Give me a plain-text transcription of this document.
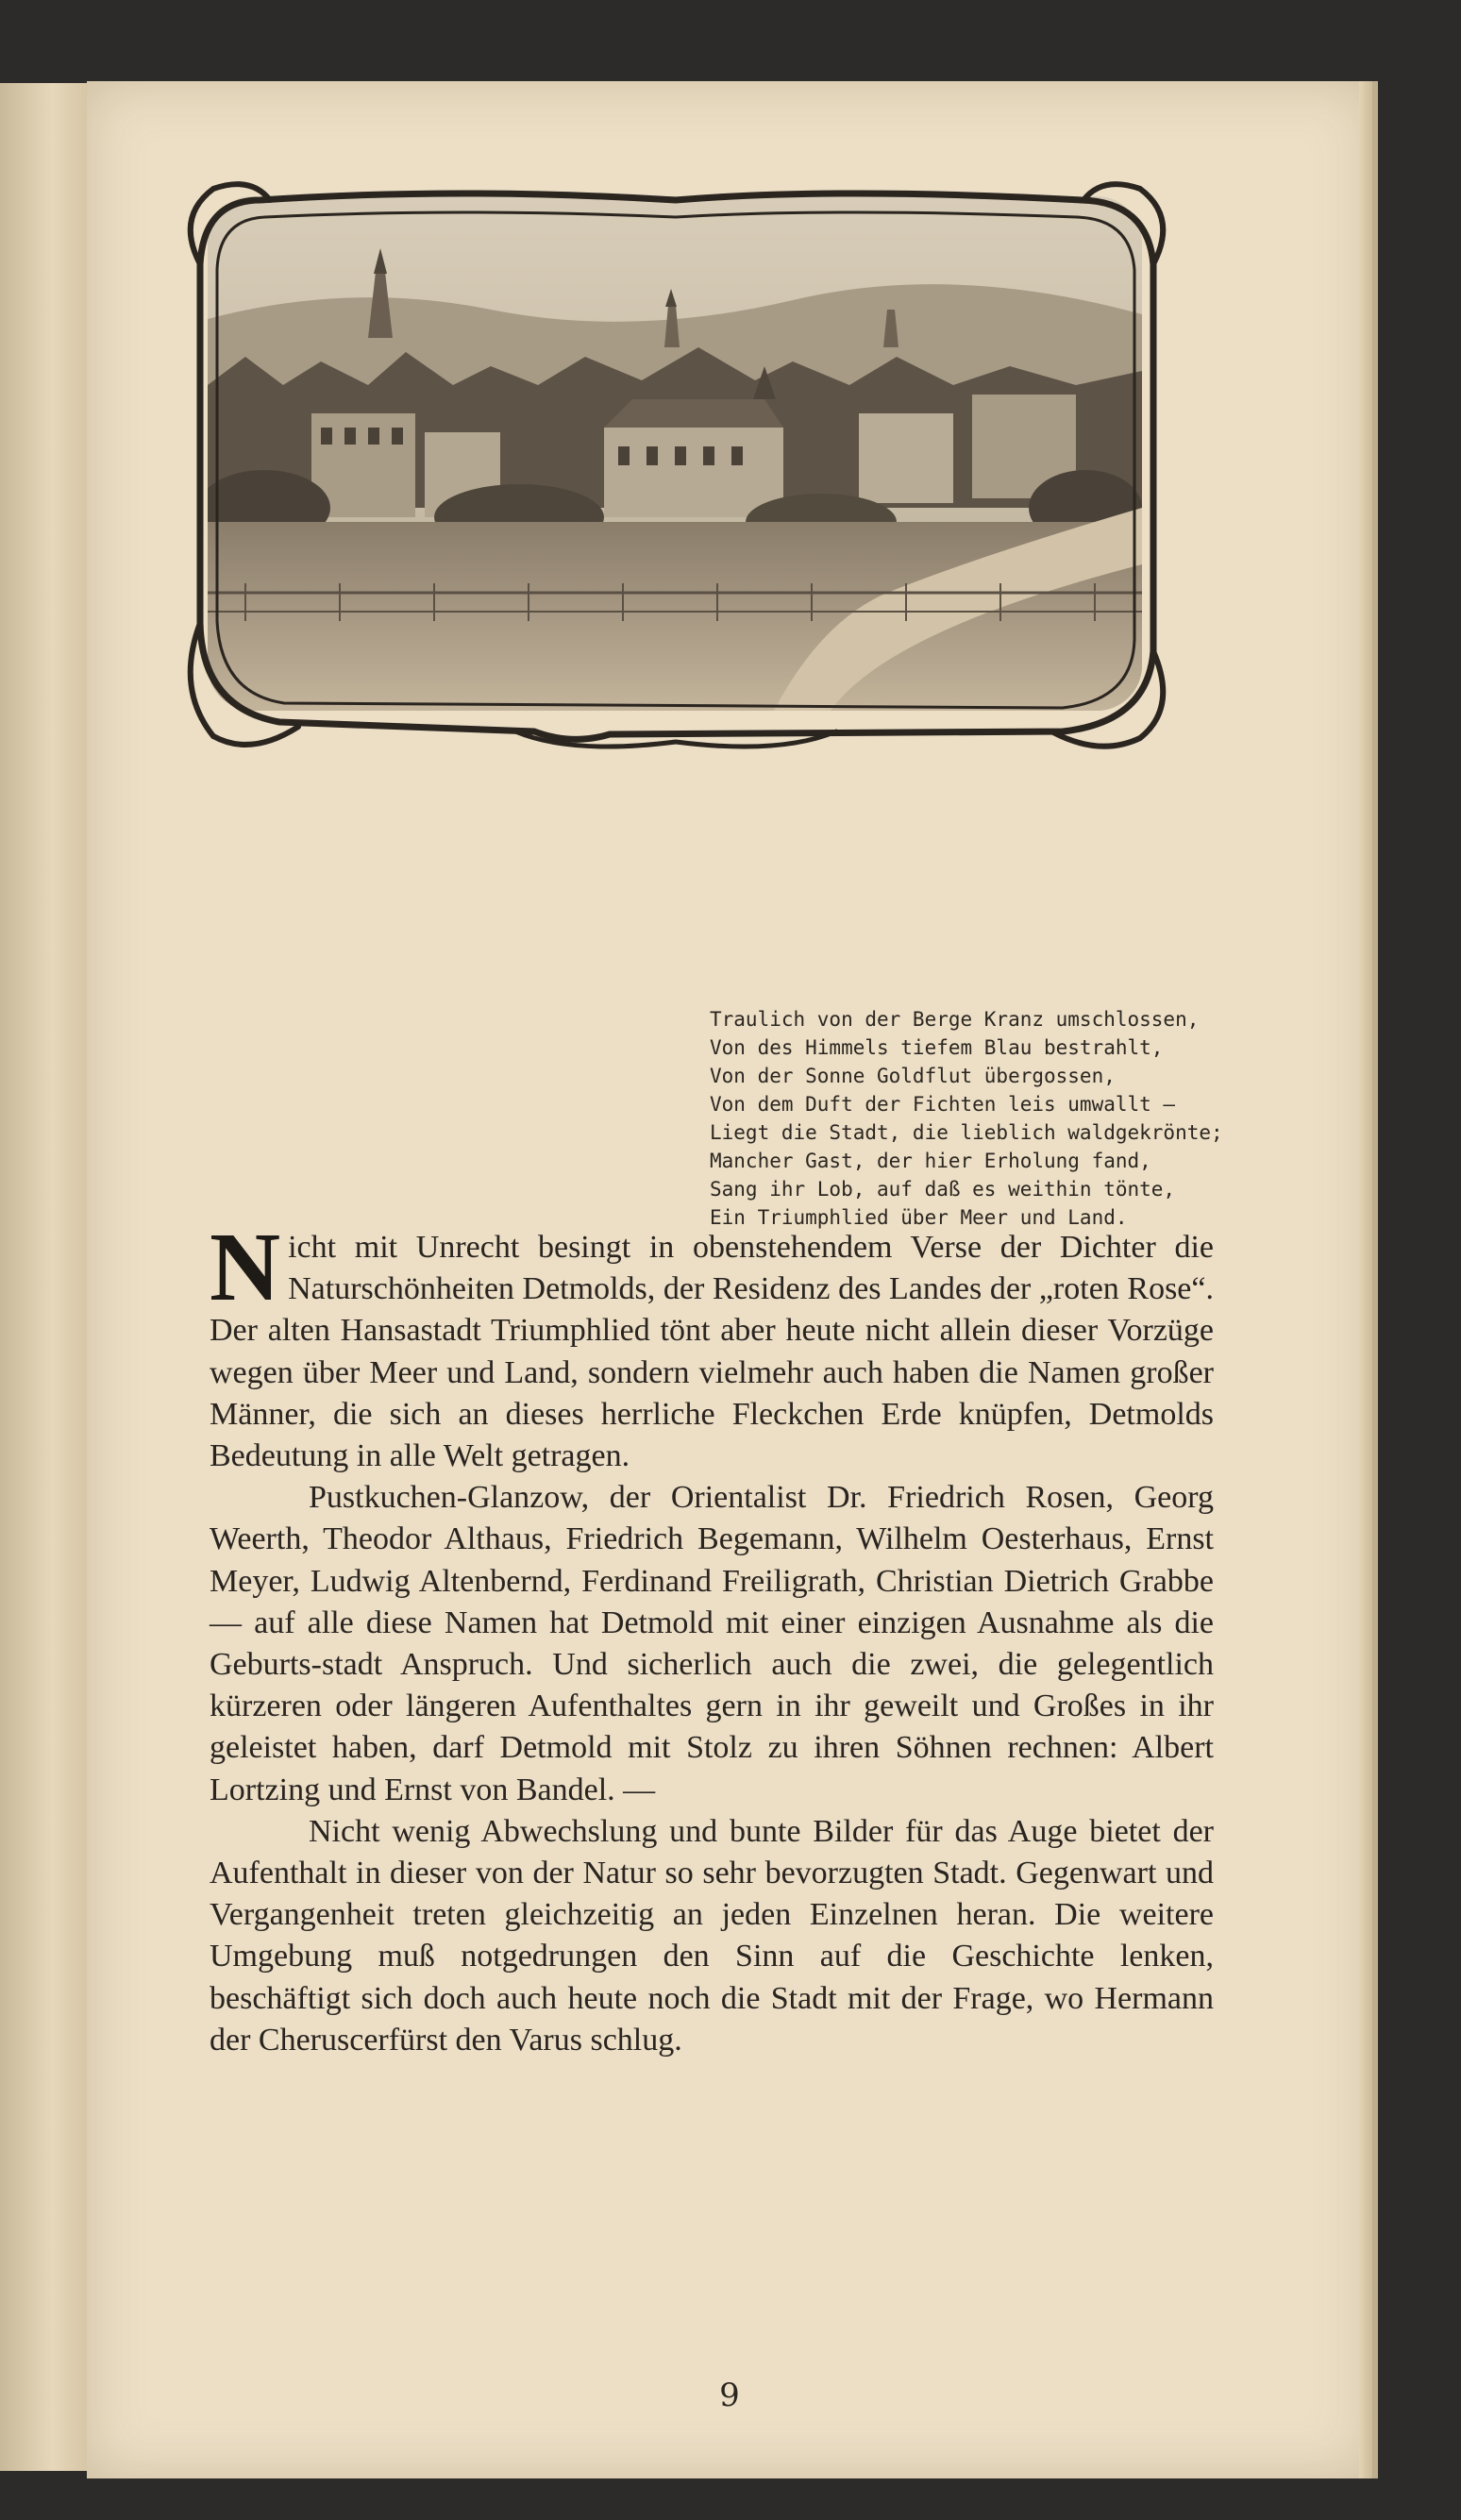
9
Traulich von der Berge Kranz umschlossen,
Von des Himmels tiefem Blau bestrahlt,
Von der Sonne Goldflut übergossen,
Von dem Duft der Fichten leis umwallt —
Liegt die Stadt, die lieblich waldgekrönte;
Mancher Gast, der hier Erholung fand,
Sang ihr Lob, auf daß es weithin tönte,
Ein Triumphlied über Meer und Land.

Nicht mit Unrecht besingt in obenstehendem Verse der Dichter die Naturschönheiten Detmolds, der Residenz des Landes der „roten Rose“. Der alten Hansastadt Triumphlied tönt aber heute nicht allein dieser Vorzüge wegen über Meer und Land, sondern vielmehr auch haben die Namen großer Männer, die sich an dieses herrliche Fleckchen Erde knüpfen, Detmolds Bedeutung in alle Welt getragen.

Pustkuchen-Glanzow, der Orientalist Dr. Friedrich Rosen, Georg Weerth, Theodor Althaus, Friedrich Begemann, Wilhelm Oesterhaus, Ernst Meyer, Ludwig Altenbernd, Ferdinand Freiligrath, Christian Dietrich Grabbe — auf alle diese Namen hat Detmold mit einer einzigen Ausnahme als die Geburts-stadt Anspruch. Und sicherlich auch die zwei, die gelegentlich kürzeren oder längeren Aufenthaltes gern in ihr geweilt und Großes in ihr geleistet haben, darf Detmold mit Stolz zu ihren Söhnen rechnen: Albert Lortzing und Ernst von Bandel. —

Nicht wenig Abwechslung und bunte Bilder für das Auge bietet der Aufenthalt in dieser von der Natur so sehr bevorzugten Stadt. Gegenwart und Vergangenheit treten gleichzeitig an jeden Einzelnen heran. Die weitere Umgebung muß notgedrungen den Sinn auf die Geschichte lenken, beschäftigt sich doch auch heute noch die Stadt mit der Frage, wo Hermann der Cheruscerfürst den Varus schlug.
